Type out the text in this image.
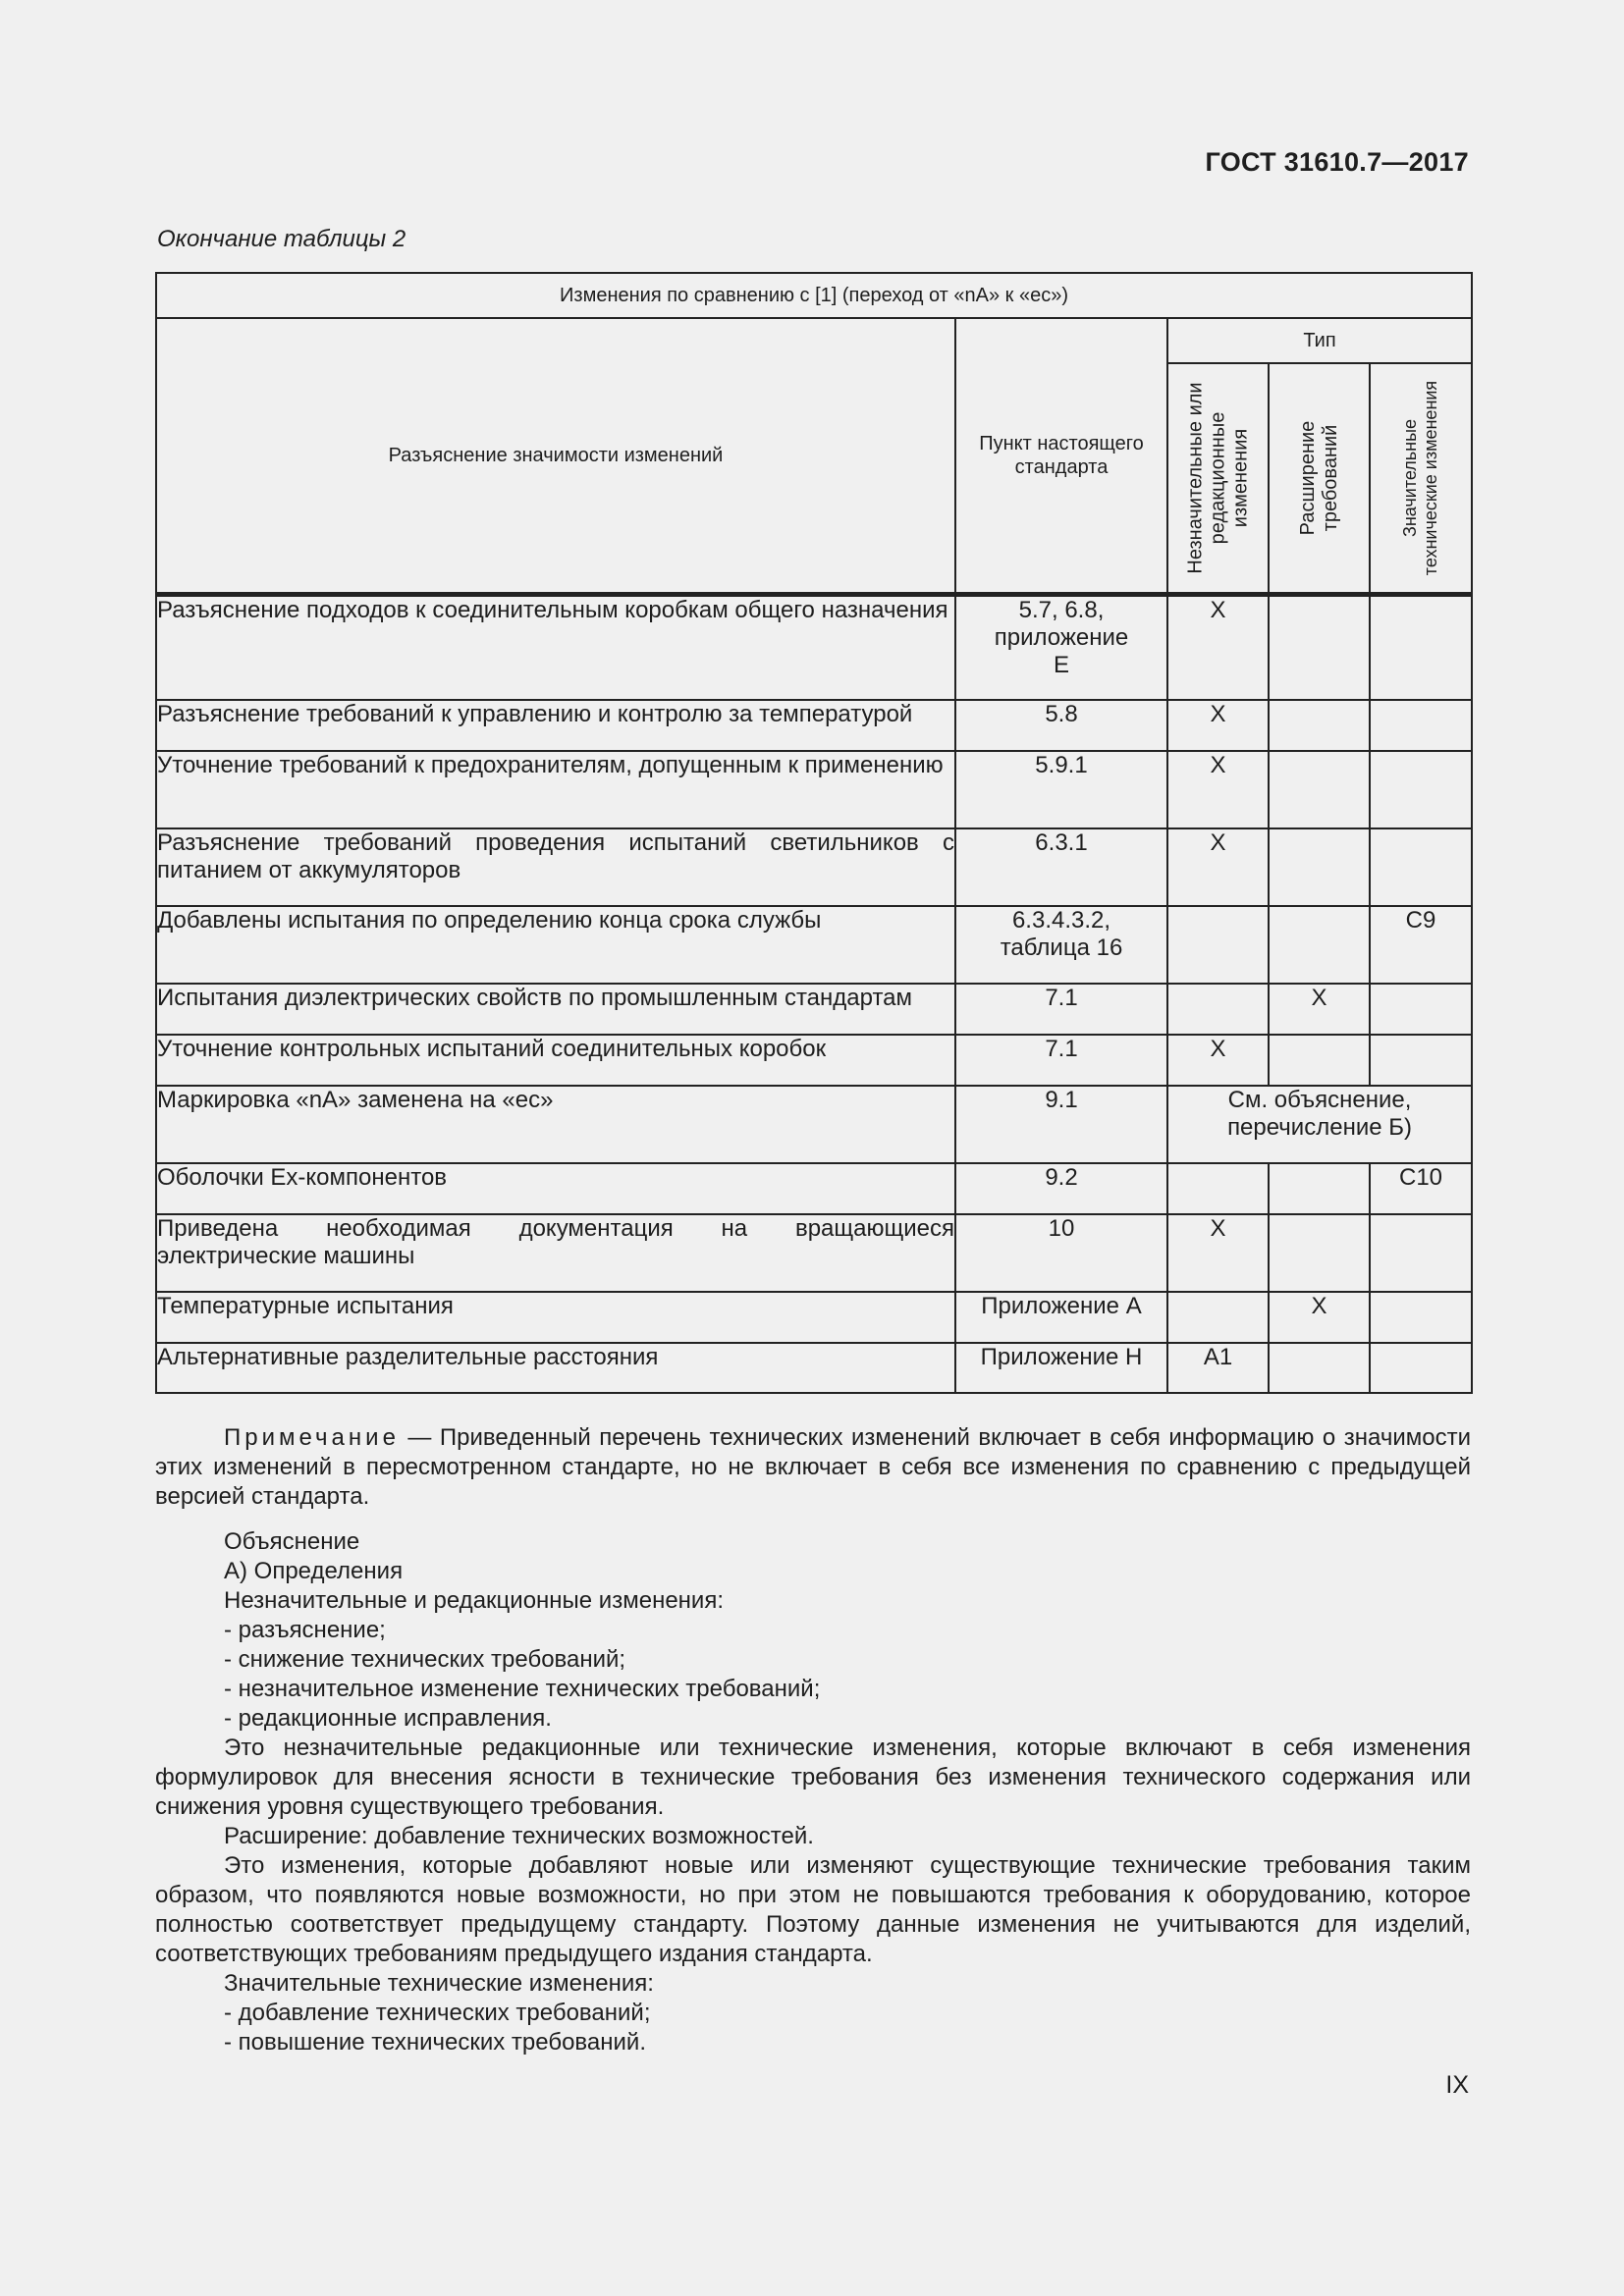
ГОСТ 31610.7—2017
Окончание таблицы 2
Изменения по сравнению с [1] (переход от «nA» к «ec»)				
Разъяснение значимости изменений	Пункт настоящего стандарта	Тип		

		Незначительные или редакционные изменения	Расширение требований	Значительные технические изменения

Разъяснение подходов к соединительным коробкам общего назначения	5.7, 6.8, приложение Е	X		
Разъяснение требований к управлению и контролю за температурой	5.8	X		
Уточнение требований к предохранителям, допущенным к применению	5.9.1	X		
Разъяснение требований проведения испытаний светильников с питанием от аккумуляторов	6.3.1	X		
Добавлены испытания по определению конца срока службы	6.3.4.3.2, таблица 16			C9
Испытания диэлектрических свойств по промышленным стандартам	7.1		X	
Уточнение контрольных испытаний соединительных коробок	7.1	X		
Маркировка «nA» заменена на «ec»	9.1	См. объяснение, перечисление Б)		
Оболочки Ex-компонентов	9.2			C10
Приведена необходимая документация на вращающиеся электрические машины	10	X		
Температурные испытания	Приложение А		X	
Альтернативные разделительные расстояния	Приложение Н	A1		

Примечание — Приведенный перечень технических изменений включает в себя информацию о значимости этих изменений в пересмотренном стандарте, но не включает в себя все изменения по сравнению с предыдущей версией стандарта.

Объяснение

А) Определения

Незначительные и редакционные изменения:

- разъяснение;

- снижение технических требований;

- незначительное изменение технических требований;

- редакционные исправления.

Это незначительные редакционные или технические изменения, которые включают в себя изменения формулировок для внесения ясности в технические требования без изменения технического содержания или снижения уровня существующего требования.

Расширение: добавление технических возможностей.

Это изменения, которые добавляют новые или изменяют существующие технические требования таким образом, что появляются новые возможности, но при этом не повышаются требования к оборудованию, которое полностью соответствует предыдущему стандарту. Поэтому данные изменения не учитываются для изделий, соответствующих требованиям предыдущего издания стандарта.

Значительные технические изменения:

- добавление технических требований;

- повышение технических требований.

IX
